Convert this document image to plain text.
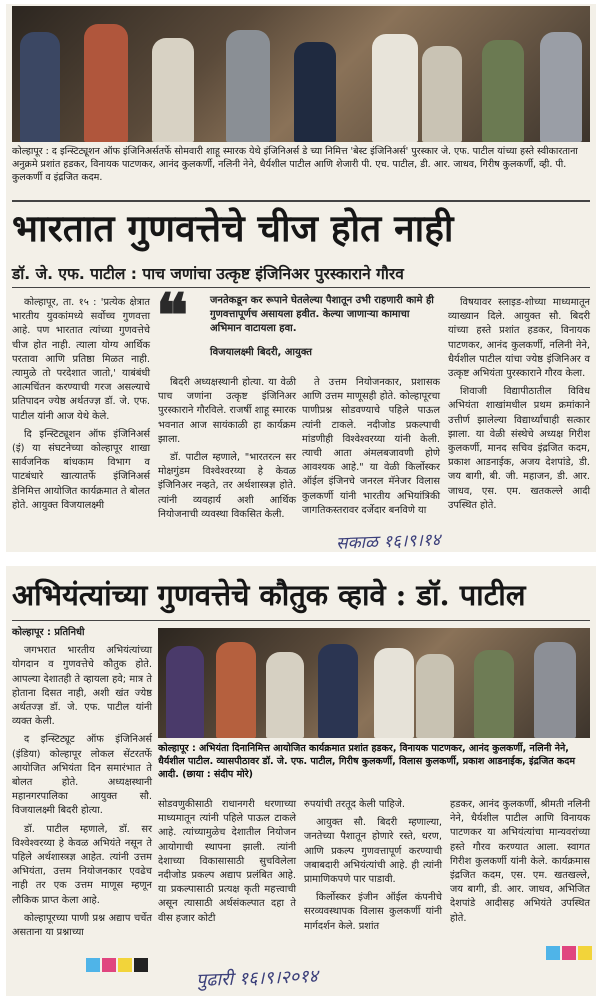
कोल्हापूर : द इन्स्टिट्यूशन ऑफ इंजिनिअर्सतर्फे सोमवारी शाहू स्मारक येथे इंजिनिअर्स डे च्या निमित्त 'बेस्ट इंजिनिअर्स' पुरस्कार जे. एफ. पाटील यांच्या हस्ते स्वीकारताना अनुक्रमे प्रशांत हडकर, विनायक पाटणकर, आनंद कुलकर्णी, नलिनी नेने, धैर्यशील पाटील आणि शेजारी पी. एच. पाटील, डी. आर. जाधव, गिरीष कुलकर्णी, व्ही. पी. कुलकर्णी व इंद्रजित कदम.
भारतात गुणवत्तेचे चीज होत नाही
डॉ. जे. एफ. पाटील : पाच जणांचा उत्कृष्ट इंजिनिअर पुरस्काराने गौरव

कोल्हापूर, ता. १५ : 'प्रत्येक क्षेत्रात भारतीय युवकांमध्ये सर्वोच्च गुणवत्ता आहे. पण भारतात त्यांच्या गुणवत्तेचे चीज होत नाही. त्याला योग्य आर्थिक परतावा आणि प्रतिष्ठा मिळत नाही. त्यामुळे तो परदेशात जातो,' याबंबंधी आत्मचिंतन करण्याची गरज असल्याचे प्रतिपादन ज्येष्ठ अर्थतज्ज्ञ डॉ. जे. एफ. पाटील यांनी आज येथे केले.

दि इन्स्टिट्यूशन ऑफ इंजिनिअर्स (इं) या संघटनेच्या कोल्हापूर शाखा सार्वजनिक बांधकाम विभाग व पाटबंधारे खात्यातर्फे इंजिनिअर्स डेनिमित्त आयोजित कार्यक्रमात ते बोलत होते. आयुक्त विजयालक्ष्मी

❝ जनतेकडून कर रूपाने घेतलेल्या पैशातून उभी राहणारी कामे ही गुणवत्तापूर्णच असायला हवीत. केल्या जाणाऱ्या कामाचा अभिमान वाटायला हवा.
विजयालक्ष्मी बिदरी, आयुक्त

बिदरी अध्यक्षस्थानी होत्या. या वेळी पाच जणांना उत्कृष्ट इंजिनिअर पुरस्काराने गौरविले. राजर्षी शाहू स्मारक भवनात आज सायंकाळी हा कार्यक्रम झाला.

डॉ. पाटील म्हणाले, "भारतरत्न सर मोक्षगुंडम विश्वेश्वरय्या हे केवळ इंजिनिअर नव्हते, तर अर्थशास्त्रज्ञ होते. त्यांनी व्यवहार्य अशी आर्थिक नियोजनाची व्यवस्था विकसित केली.

ते उत्तम नियोजनकार, प्रशासक आणि उत्तम माणूसही होते. कोल्हापूरचा पाणीप्रश्न सोडवण्याचे पहिले पाऊल त्यांनी टाकले. नदीजोड प्रकल्पाची मांडणीही विश्वेश्वरय्या यांनी केली. त्याची आता अंमलबजावणी होणे आवश्यक आहे." या वेळी किर्लोस्कर ऑईल इंजिनचे जनरल मॅनेजर विलास कुलकर्णी यांनी भारतीय अभियांत्रिकी जागतिकस्तरावर दर्जेदार बनविणे या

विषयावर स्लाइड-शोच्या माध्यमातून व्याख्यान दिले. आयुक्त सौ. बिदरी यांच्या हस्ते प्रशांत हडकर, विनायक पाटणकर, आनंद कुलकर्णी, नलिनी नेने, धैर्यशील पाटील यांचा ज्येष्ठ इंजिनिअर व उत्कृष्ट अभियंता पुरस्काराने गौरव केला.

शिवाजी विद्यापीठातील विविध अभियंता शाखांमधील प्रथम क्रमांकाने उत्तीर्ण झालेल्या विद्यार्थ्यांचाही सत्कार झाला. या वेळी संस्थेचे अध्यक्ष गिरीश कुलकर्णी, मानद सचिव इंद्रजित कदम, प्रकाश आडनाईक, अजय देशपांडे, डी. जय बागी, बी. जी. महाजन, डी. आर. जाधव, एस. एम. खतकल्ले आदी उपस्थित होते.

सकाळ १६।९।१४
अभियंत्यांच्या गुणवत्तेचे कौतुक व्हावे : डॉ. पाटील

कोल्हापूर : प्रतिनिधी

जगभरात भारतीय अभियंत्यांच्या योगदान व गुणवत्तेचे कौतुक होते. आपल्या देशातही ते व्हायला हवे; मात्र ते होताना दिसत नाही, अशी खंत ज्येष्ठ अर्थतज्ज्ञ डॉ. जे. एफ. पाटील यांनी व्यक्त केली.

द इन्स्टिट्यूट ऑफ इंजिनिअर्स (इंडिया) कोल्हापूर लोकल सेंटरतर्फे आयोजित अभियंता दिन समारंभात ते बोलत होते. अध्यक्षस्थानी महानगरपालिका आयुक्त सौ. विजयालक्ष्मी बिदरी होत्या.

डॉ. पाटील म्हणाले, डॉ. सर विश्वेश्वरय्या हे केवळ अभियंते नसून ते पहिले अर्थशास्त्रज्ञ आहेत. त्यांनी उत्तम अभियंता, उत्तम नियोजनकार एवढेच नाही तर एक उत्तम माणूस म्हणून लौकिक प्राप्त केला आहे.

कोल्हापूरच्या पाणी प्रश्न अद्याप चर्चेत असताना या प्रश्नाच्या

कोल्हापूर : अभियंता दिनानिमित्त आयोजित कार्यक्रमात प्रशांत हडकर, विनायक पाटणकर, आनंद कुलकर्णी, नलिनी नेने, धैर्यशील पाटील. व्यासपीठावर डॉ. जे. एफ. पाटील, गिरीष कुलकर्णी, विलास कुलकर्णी, प्रकाश आडनाईक, इंद्रजित कदम आदी. (छाया : संदीप मोरे)

सोडवणुकीसाठी राधानगरी धरणाच्या माध्यमातून त्यांनी पहिले पाऊल टाकले आहे. त्यांच्यामुळेच देशातील नियोजन आयोगाची स्थापना झाली. त्यांनी देशाच्या विकासासाठी सुचविलेला नदीजोड प्रकल्प अद्याप प्रलंबित आहे. या प्रकल्पासाठी प्रत्यक्ष कृती महत्त्वाची असून त्यासाठी अर्थसंकल्पात दहा ते वीस हजार कोटी

रुपयांची तरतूद केली पाहिजे.

आयुक्त सौ. बिदरी म्हणाल्या, जनतेच्या पैशातून होणारे रस्ते, धरण, आणि प्रकल्प गुणवत्तापूर्ण करण्याची जबाबदारी अभियंत्यांची आहे. ही त्यांनी प्रामाणिकपणे पार पाडावी.

किर्लोस्कर इंजीन ऑईल कंपनीचे सरव्यवस्थापक विलास कुलकर्णी यांनी मार्गदर्शन केले. प्रशांत

हडकर, आनंद कुलकर्णी, श्रीमती नलिनी नेने, धैर्यशील पाटील आणि विनायक पाटणकर या अभियंत्यांचा मान्यवरांच्या हस्ते गौरव करण्यात आला. स्वागत गिरीश कुलकर्णी यांनी केले. कार्यक्रमास इंद्रजित कदम, एस. एम. खतखल्ले, जय बागी, डी. आर. जाधव, अभिजित देशपांडे आदीसह अभियंते उपस्थित होते.

पुढारी १६।९।२०१४
